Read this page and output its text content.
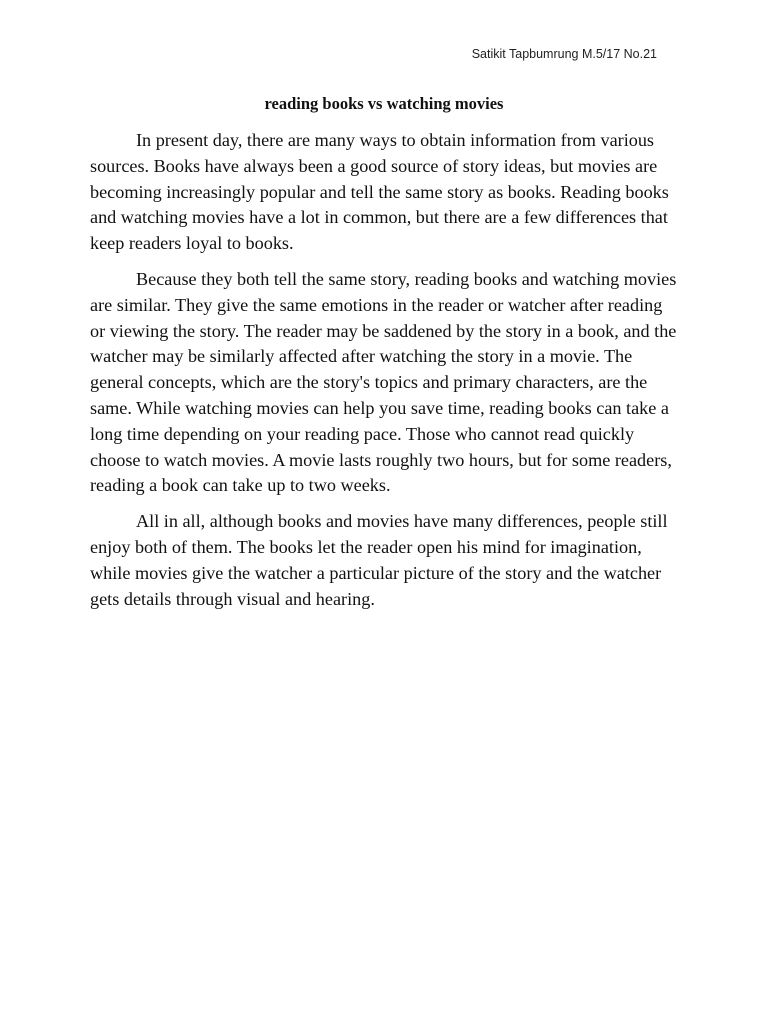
Satikit Tapbumrung M.5/17 No.21
reading books vs watching movies

In present day, there are many ways to obtain information from various sources. Books have always been a good source of story ideas, but movies are becoming increasingly popular and tell the same story as books. Reading books and watching movies have a lot in common, but there are a few differences that keep readers loyal to books.

Because they both tell the same story, reading books and watching movies are similar. They give the same emotions in the reader or watcher after reading or viewing the story. The reader may be saddened by the story in a book, and the watcher may be similarly affected after watching the story in a movie. The general concepts, which are the story's topics and primary characters, are the same. While watching movies can help you save time, reading books can take a long time depending on your reading pace. Those who cannot read quickly choose to watch movies. A movie lasts roughly two hours, but for some readers, reading a book can take up to two weeks.

All in all, although books and movies have many differences, people still enjoy both of them. The books let the reader open his mind for imagination, while movies give the watcher a particular picture of the story and the watcher gets details through visual and hearing.
